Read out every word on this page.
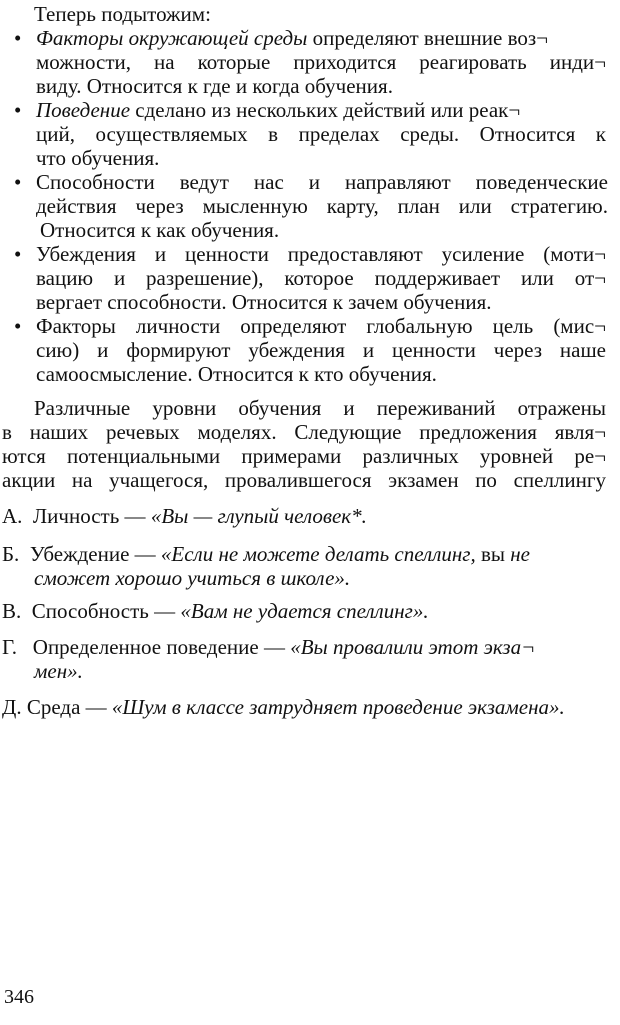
Теперь подытожим:
• Факторы окружающей среды определяют внешние воз¬
можности, на которые приходится реагировать инди¬
виду. Относится к где и когда обучения.
• Поведение сделано из нескольких действий или реак¬
ций, осуществляемых в пределах среды. Относится к
что обучения.
• Способности ведут нас и направляют поведенческие
действия через мысленную карту, план или стратегию.
Относится к как обучения.
• Убеждения и ценности предоставляют усиление (моти¬
вацию и разрешение), которое поддерживает или от¬
вергает способности. Относится к зачем обучения.
• Факторы личности определяют глобальную цель (мис¬
сию) и формируют убеждения и ценности через наше
самоосмысление. Относится к кто обучения.
Различные уровни обучения и переживаний отражены
в наших речевых моделях. Следующие предложения явля¬
ются потенциальными примерами различных уровней ре¬
акции на учащегося, провалившегося экзамен по спеллингу
А. Личность — «Вы — глупый человек*.
Б. Убеждение — «Если не можете делать спеллинг, вы не
сможет хорошо учиться в школе».
В. Способность — «Вам не удается спеллинг».
Г. Определенное поведение — «Вы провалили этот экза¬
мен».
Д. Среда — «Шум в классе затрудняет проведение экзамена».
346
